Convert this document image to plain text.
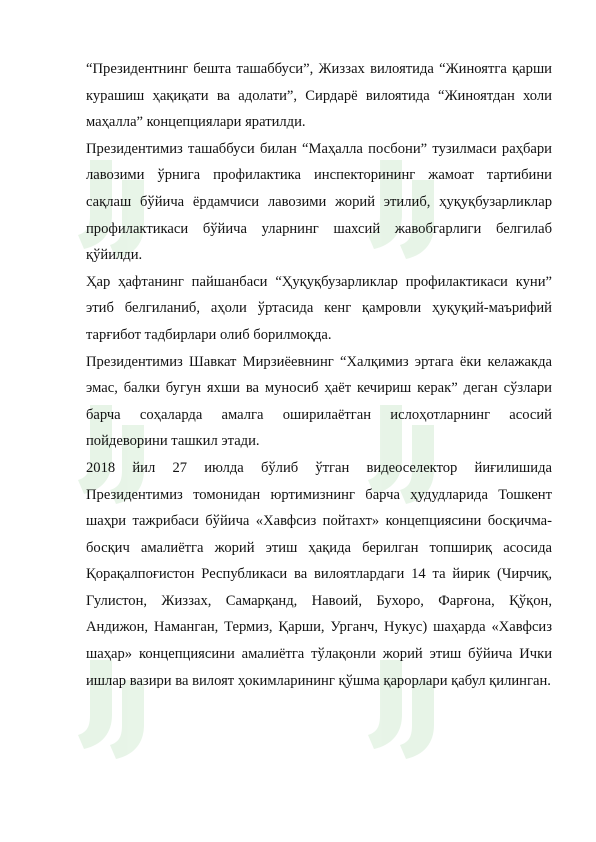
“Президентнинг бешта ташаббуси”, Жиззах вилоятида “Жиноятга қарши курашиш ҳақиқати ва адолати”, Сирдарё вилоятида “Жиноятдан холи маҳалла” концепциялари яратилди.

Президентимиз ташаббуси билан “Маҳалла посбони” тузилмаси раҳбари лавозими ўрнига профилактика инспекторининг жамоат тартибини сақлаш бўйича ёрдамчиси лавозими жорий этилиб, ҳуқуқбузарликлар профилактикаси бўйича уларнинг шахсий жавобгарлиги белгилаб қўйилди.

Ҳар ҳафтанинг пайшанбаси “Ҳуқуқбузарликлар профилактикаси куни” этиб белгиланиб, аҳоли ўртасида кенг қамровли ҳуқуқий-маърифий тарғибот тадбирлари олиб борилмоқда.

Президентимиз Шавкат Мирзиёевнинг “Халқимиз эртага ёки келажакда эмас, балки бугун яхши ва муносиб ҳаёт кечириш керак” деган сўзлари барча соҳаларда амалга оширилаётган ислоҳотларнинг асосий пойдеворини ташкил этади.

2018 йил 27 июлда бўлиб ўтган видеоселектор йиғилишида Президентимиз томонидан юртимизнинг барча ҳудудларида Тошкент шаҳри тажрибаси бўйича «Хавфсиз пойтахт» концепциясини босқичма-босқич амалиётга жорий этиш ҳақида берилган топшириқ асосида Қорақалпоғистон Республикаси ва вилоятлардаги 14 та йирик (Чирчиқ, Гулистон, Жиззах, Самарқанд, Навоий, Бухоро, Фарғона, Қўқон, Андижон, Наманган, Термиз, Қарши, Урганч, Нукус) шаҳарда «Хавфсиз шаҳар» концепциясини амалиётга тўлақонли жорий этиш бўйича Ички ишлар вазири ва вилоят ҳокимларининг қўшма қарорлари қабул қилинган.
